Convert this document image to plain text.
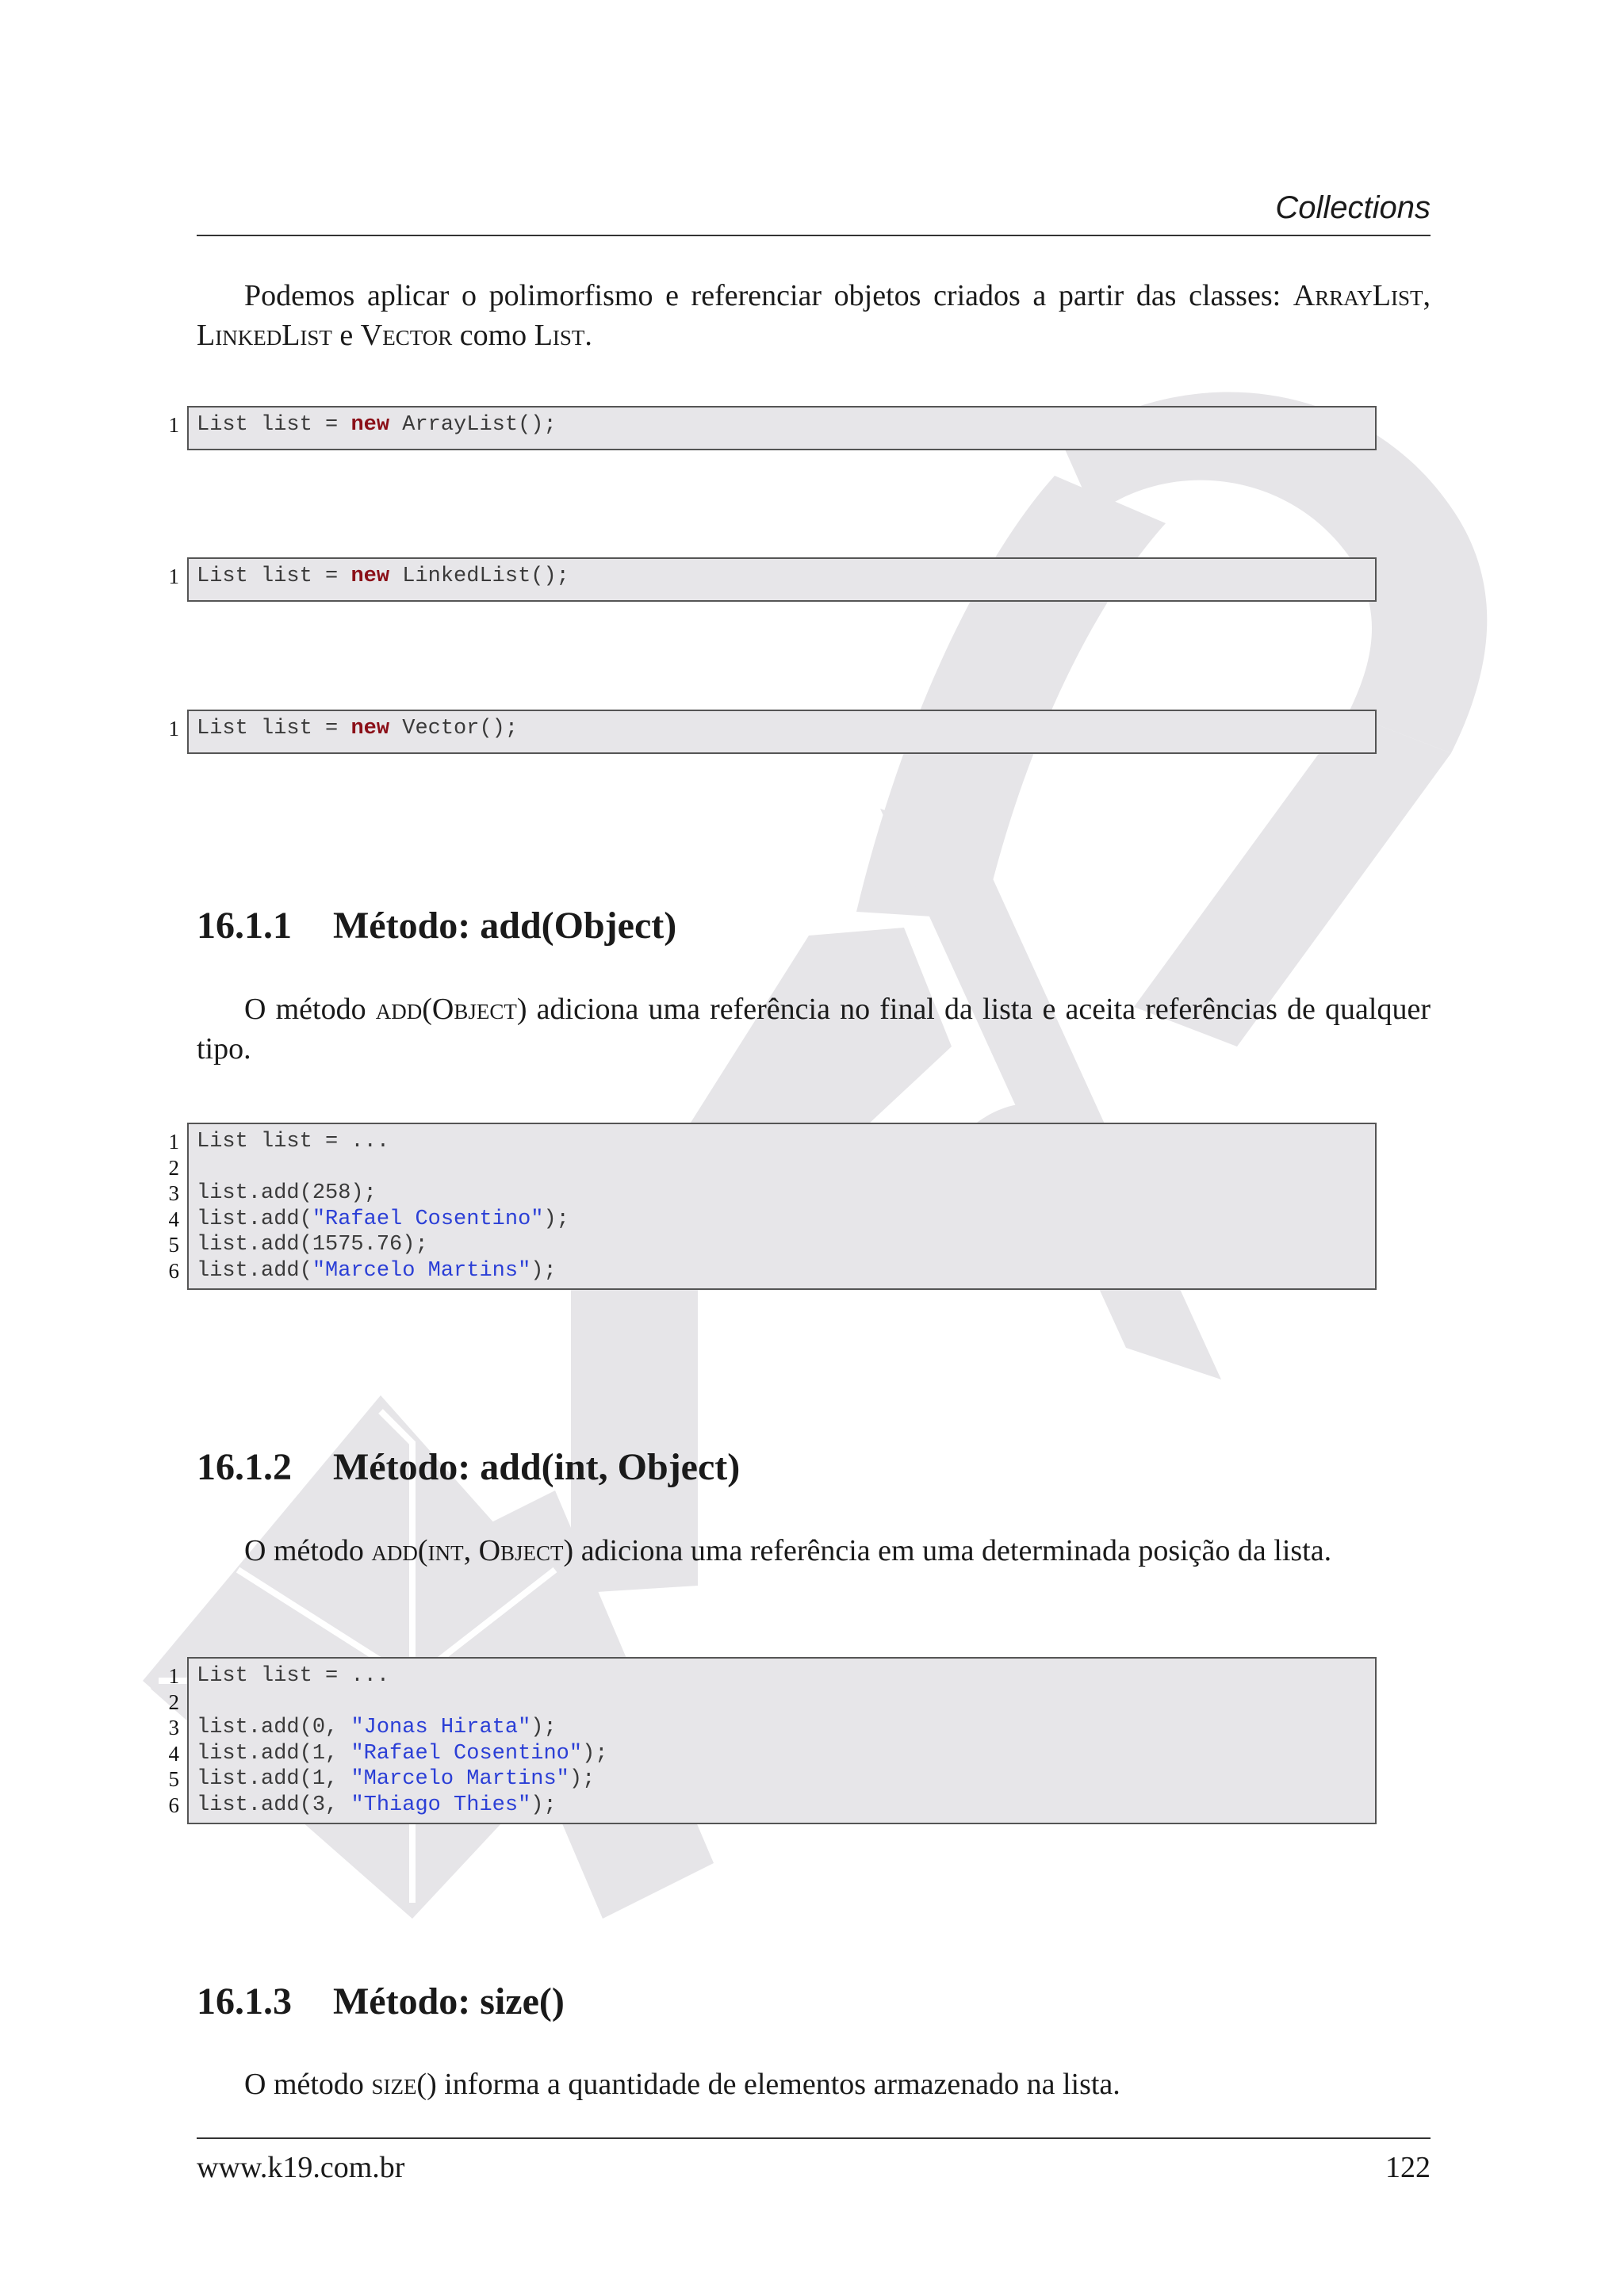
Collections
Podemos aplicar o polimorfismo e referenciar objetos criados a partir das classes: ArrayList, LinkedList e Vector como List.
1 List list = new ArrayList();
1 List list = new LinkedList();
1 List list = new Vector();
16.1.1 Método: add(Object)
O método add(Object) adiciona uma referência no final da lista e aceita referências de qualquer tipo.
1 List list = ...
2
3 list.add(258);
4 list.add("Rafael Cosentino");
5 list.add(1575.76);
6 list.add("Marcelo Martins");
16.1.2 Método: add(int, Object)
O método add(int, Object) adiciona uma referência em uma determinada posição da lista.
1 List list = ...
2
3 list.add(0, "Jonas Hirata");
4 list.add(1, "Rafael Cosentino");
5 list.add(1, "Marcelo Martins");
6 list.add(3, "Thiago Thies");
16.1.3 Método: size()
O método size() informa a quantidade de elementos armazenado na lista.
www.k19.com.br	122
